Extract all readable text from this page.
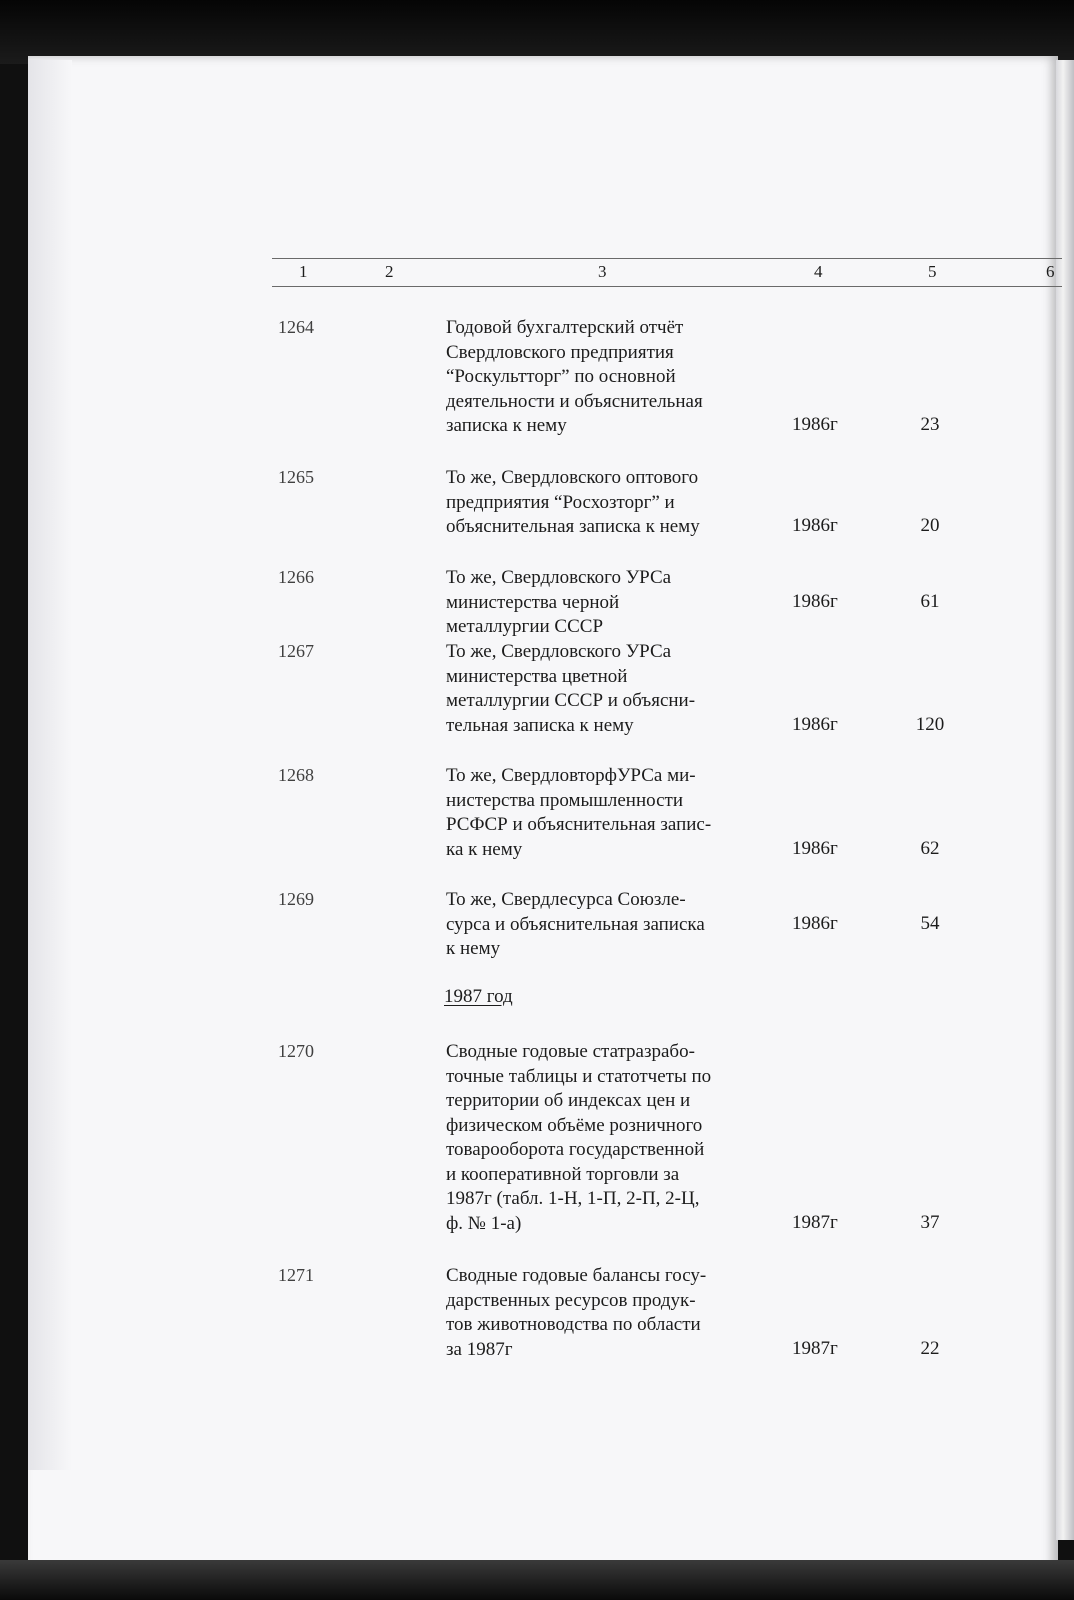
1	2	3	4	5	6
1264	Годовой бухгалтерский отчёт
Свердловского предприятия
“Роскультторг” по основной
деятельности и объяснительная
записка к нему	1986г	23
1265	То же, Свердловского оптового
предприятия “Росхозторг” и
объяснительная записка к нему	1986г	20
1266	То же, Свердловского УРСа
министерства черной
металлургии СССР
1986г	61
1267	То же, Свердловского УРСа
министерства цветной
металлургии СССР и объясни-
тельная записка к нему	1986г	120
1268	То же, СвердловторфУРСа ми-
нистерства промышленности
РСФСР и объяснительная запис-
ка к нему	1986г	62
1269	То же, Свердлесурса Союзле-
сурса и объяснительная записка
к нему
1986г	54
1270	Сводные годовые статразрабо-
точные таблицы и статотчеты по
территории об индексах цен и
физическом объёме розничного
товарооборота государственной
и кооперативной торговли за
1987г (табл. 1-Н, 1-П, 2-П, 2-Ц,
ф. № 1-а)	1987г	37
1271	Сводные годовые балансы госу-
дарственных ресурсов продук-
тов животноводства по области
за 1987г	1987г	22
1987 год
